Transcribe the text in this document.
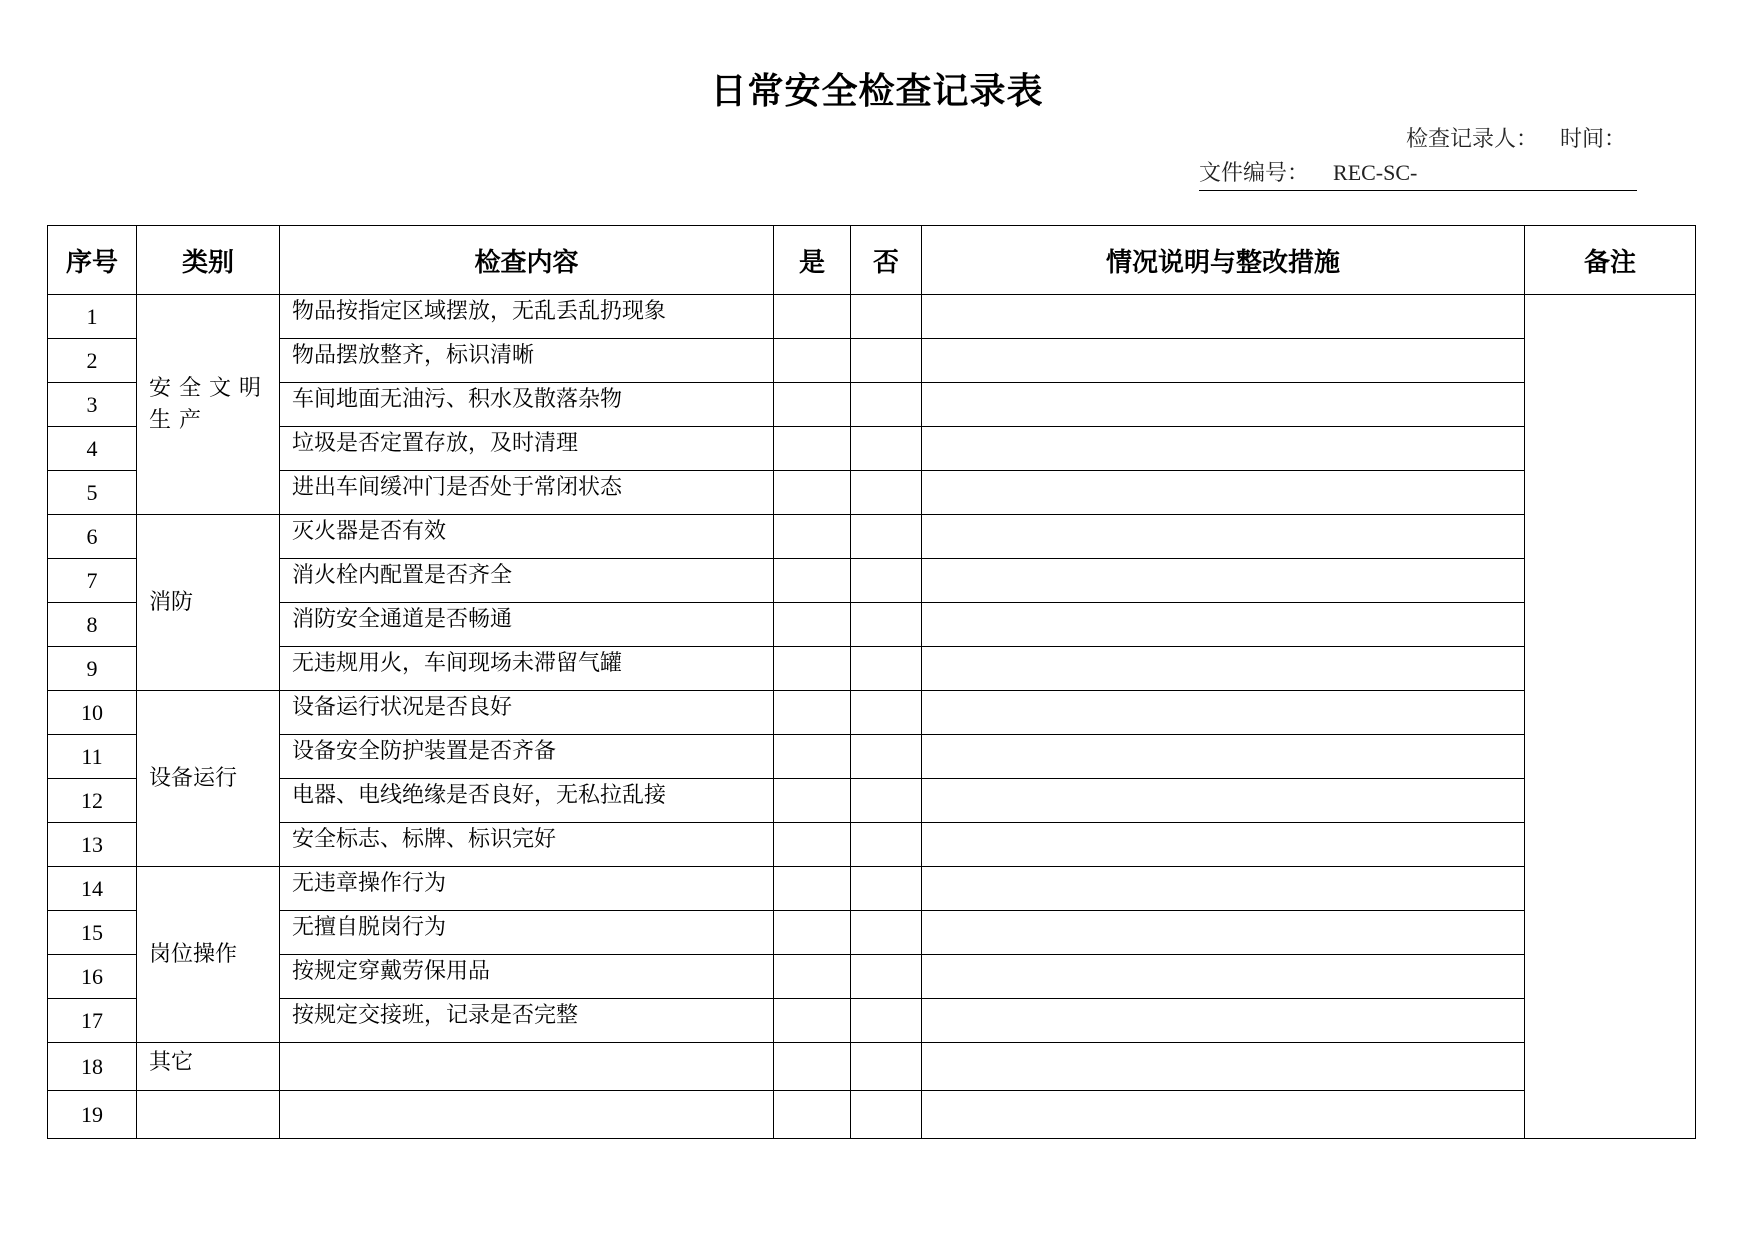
日常安全检查记录表
检查记录人： 时间：
文件编号： REC-SC-
序号	类别	检查内容	是	否	情况说明与整改措施	备注
1	安全文明生产	物品按指定区域摆放，无乱丢乱扔现象				
2		物品摆放整齐，标识清晰				
3		车间地面无油污、积水及散落杂物				
4		垃圾是否定置存放，及时清理				
5		进出车间缓冲门是否处于常闭状态				
6	消防	灭火器是否有效				
7		消火栓内配置是否齐全				
8		消防安全通道是否畅通				
9		无违规用火，车间现场未滞留气罐				
10	设备运行	设备运行状况是否良好				
11		设备安全防护装置是否齐备				
12		电器、电线绝缘是否良好，无私拉乱接				
13		安全标志、标牌、标识完好				
14	岗位操作	无违章操作行为				
15		无擅自脱岗行为				
16		按规定穿戴劳保用品				
17		按规定交接班，记录是否完整				
18	其它					
19						
